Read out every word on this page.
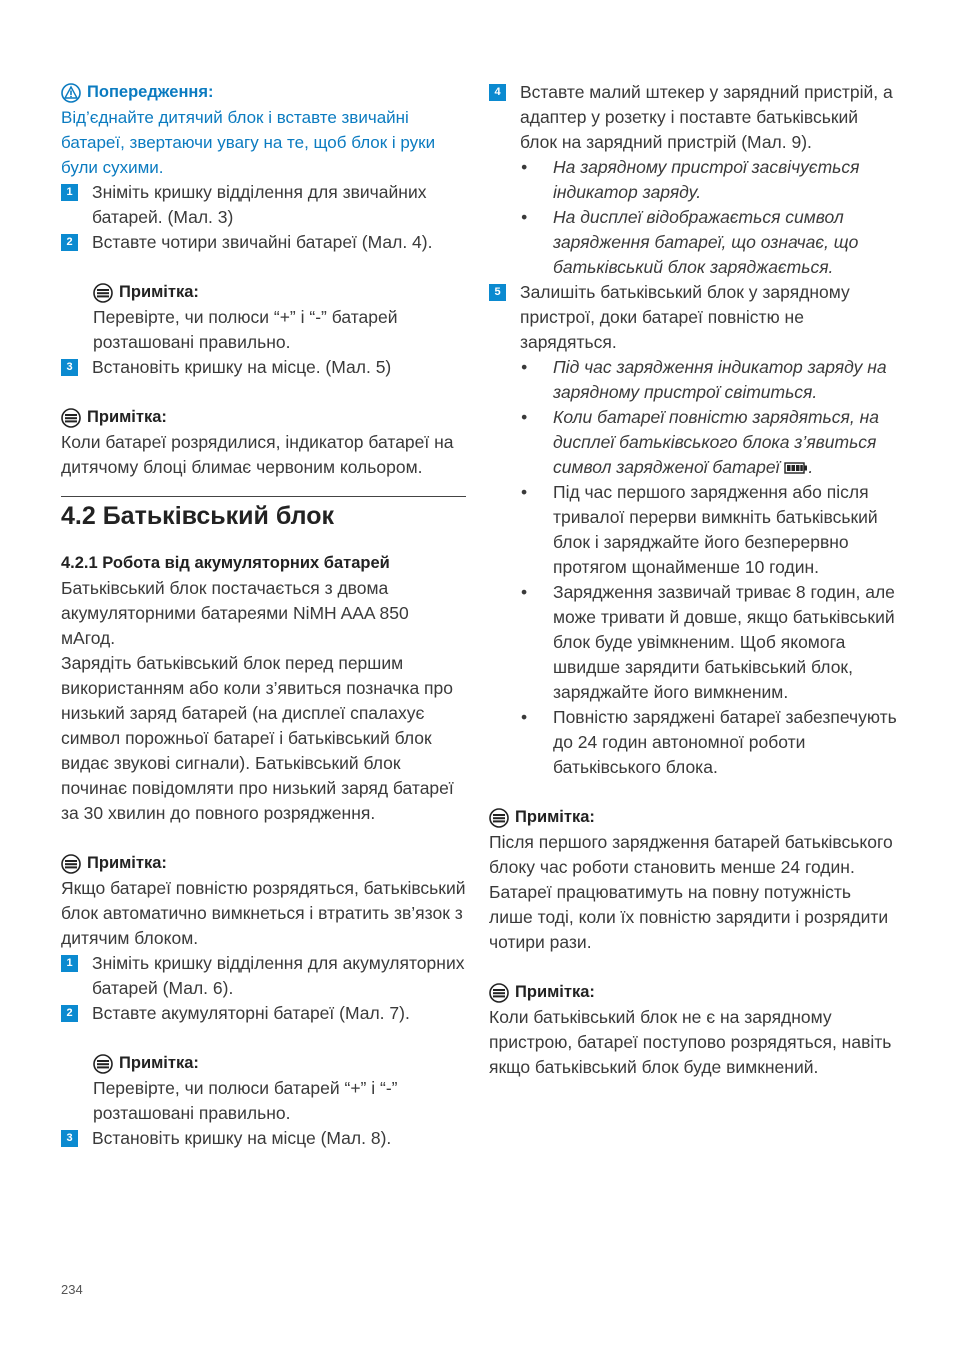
Попередження:
Від’єднайте дитячий блок і вставте звичайні батареї, звертаючи увагу на те, щоб блок і руки були сухими.
1	Зніміть кришку відділення для звичайних батарей. (Мал. 3)
2	Вставте чотири звичайні батареї (Мал. 4).
Примітка:
Перевірте, чи полюси “+” і “-” батарей розташовані правильно.
3	Встановіть кришку на місце. (Мал. 5)
Примітка:
Коли батареї розрядилися, індикатор батареї на дитячому блоці блимає червоним кольором.
4.2 Батьківський блок
4.2.1 Робота від акумуляторних батарей
Батьківський блок постачається з двома акумуляторними батареями NiMH AAA 850 мАгод.
Зарядіть батьківський блок перед першим використанням або коли з’явиться позначка про низький заряд батарей (на дисплеї спалахує символ порожньої батареї і батьківський блок видає звукові сигнали). Батьківський блок починає повідомляти про низький заряд батареї за 30 хвилин до повного розрядження.
Примітка:
Якщо батареї повністю розрядяться, батьківський блок автоматично вимкнеться і втратить зв’язок з дитячим блоком.
1	Зніміть кришку відділення для акумуляторних батарей (Мал. 6).
2	Вставте акумуляторні батареї (Мал. 7).
Примітка:
Перевірте, чи полюси батарей “+” і “-” розташовані правильно.
3	Встановіть кришку на місце (Мал. 8).
4	Вставте малий штекер у зарядний пристрій, а адаптер у розетку і поставте батьківський блок на зарядний пристрій (Мал. 9).
•	На зарядному пристрої засвічується індикатор заряду.
•	На дисплеї відображається символ зарядження батареї, що означає, що батьківський блок заряджається.
5	Залишіть батьківський блок у зарядному пристрої, доки батареї повністю не зарядяться.
•	Під час зарядження індикатор заряду на зарядному пристрої світиться.
•	Коли батареї повністю зарядяться, на дисплеї батьківського блока з’явиться символ зарядженої батареї .
•	Під час першого зарядження або після тривалої перерви вимкніть батьківський блок і заряджайте його безперервно протягом щонайменше 10 годин.
•	Зарядження зазвичай триває 8 годин, але може тривати й довше, якщо батьківський блок буде увімкненим. Щоб якомога швидше зарядити батьківський блок, заряджайте його вимкненим.
•	Повністю заряджені батареї забезпечують до 24 годин автономної роботи батьківського блока.
Примітка:
Після першого зарядження батарей батьківського блоку час роботи становить менше 24 годин. Батареї працюватимуть на повну потужність лише тоді, коли їх повністю зарядити і розрядити чотири рази.
Примітка:
Коли батьківський блок не є на зарядному пристрою, батареї поступово розрядяться, навіть якщо батьківський блок буде вимкнений.
234
